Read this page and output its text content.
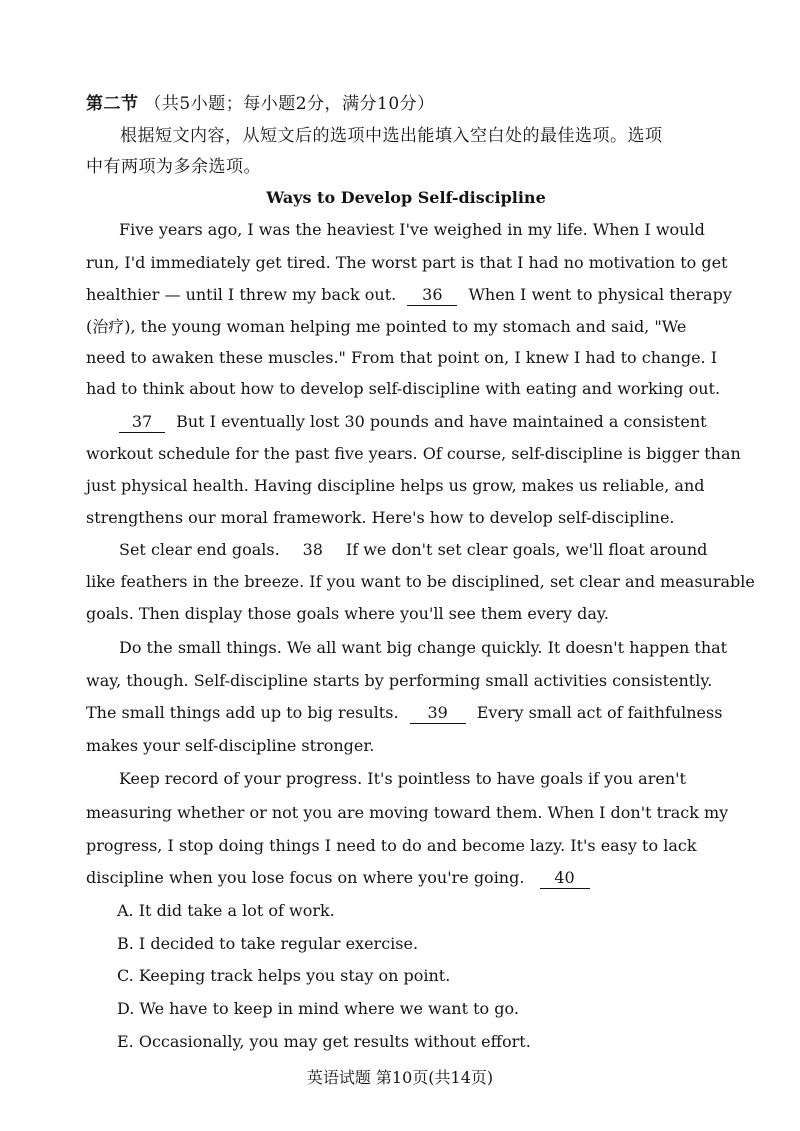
第二节 （共5小题；每小题2分，满分10分）
根据短文内容，从短文后的选项中选出能填入空白处的最佳选项。选项
中有两项为多余选项。
Ways to Develop Self-discipline
Five years ago, I was the heaviest I've weighed in my life. When I would
run, I'd immediately get tired. The worst part is that I had no motivation to get
healthier — until I threw my back out. 36 When I went to physical therapy
(治疗), the young woman helping me pointed to my stomach and said, "We
need to awaken these muscles." From that point on, I knew I had to change. I
had to think about how to develop self-discipline with eating and working out.
37 But I eventually lost 30 pounds and have maintained a consistent
workout schedule for the past five years. Of course, self-discipline is bigger than
just physical health. Having discipline helps us grow, makes us reliable, and
strengthens our moral framework. Here's how to develop self-discipline.
Set clear end goals. 38 If we don't set clear goals, we'll float around
like feathers in the breeze. If you want to be disciplined, set clear and measurable
goals. Then display those goals where you'll see them every day.
Do the small things. We all want big change quickly. It doesn't happen that
way, though. Self-discipline starts by performing small activities consistently.
The small things add up to big results. 39 Every small act of faithfulness
makes your self-discipline stronger.
Keep record of your progress. It's pointless to have goals if you aren't
measuring whether or not you are moving toward them. When I don't track my
progress, I stop doing things I need to do and become lazy. It's easy to lack
discipline when you lose focus on where you're going. 40
A. It did take a lot of work.
B. I decided to take regular exercise.
C. Keeping track helps you stay on point.
D. We have to keep in mind where we want to go.
E. Occasionally, you may get results without effort.
英语试题 第10页(共14页)
